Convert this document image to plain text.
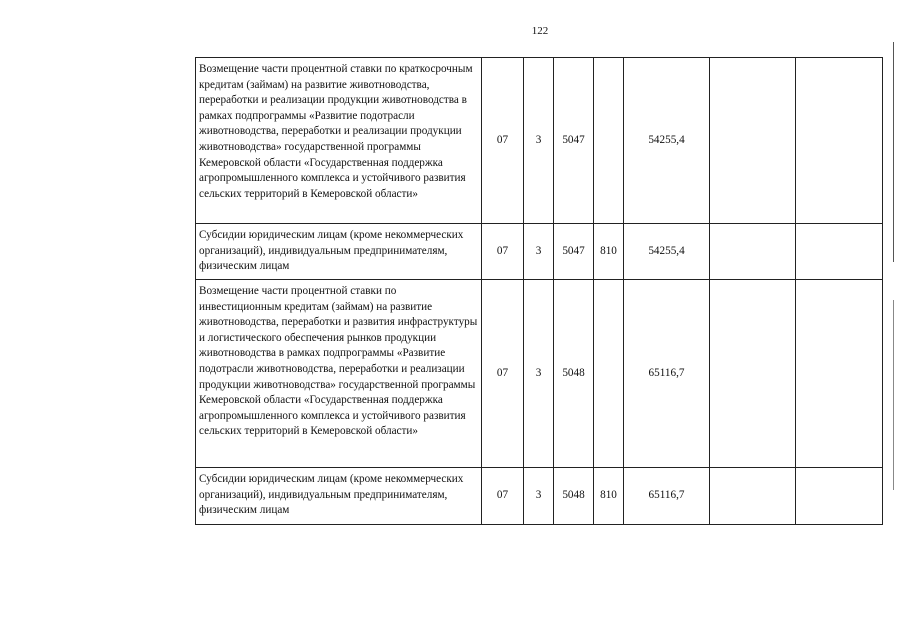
122
Возмещение части процентной ставки по краткосрочным кредитам (займам) на развитие животноводства, переработки и реализации продукции животноводства в рамках подпрограммы «Развитие подотрасли животноводства, переработки и реализации продукции животноводства» государственной программы Кемеровской области «Государственная поддержка агропромышленного комплекса и устойчивого развития сельских территорий в Кемеровской области»	07	3	5047		54255,4		
Субсидии юридическим лицам (кроме некоммерческих организаций), индивидуальным предпринимателям, физическим лицам	07	3	5047	810	54255,4		
Возмещение части процентной ставки по инвестиционным кредитам (займам) на развитие животноводства, переработки и развития инфраструктуры и логистического обеспечения рынков продукции животноводства в рамках подпрограммы «Развитие подотрасли животноводства, переработки и реализации продукции животноводства» государственной программы Кемеровской области «Государственная поддержка агропромышленного комплекса и устойчивого развития сельских территорий в Кемеровской области»	07	3	5048		65116,7		
Субсидии юридическим лицам (кроме некоммерческих организаций), индивидуальным предпринимателям, физическим лицам	07	3	5048	810	65116,7		
